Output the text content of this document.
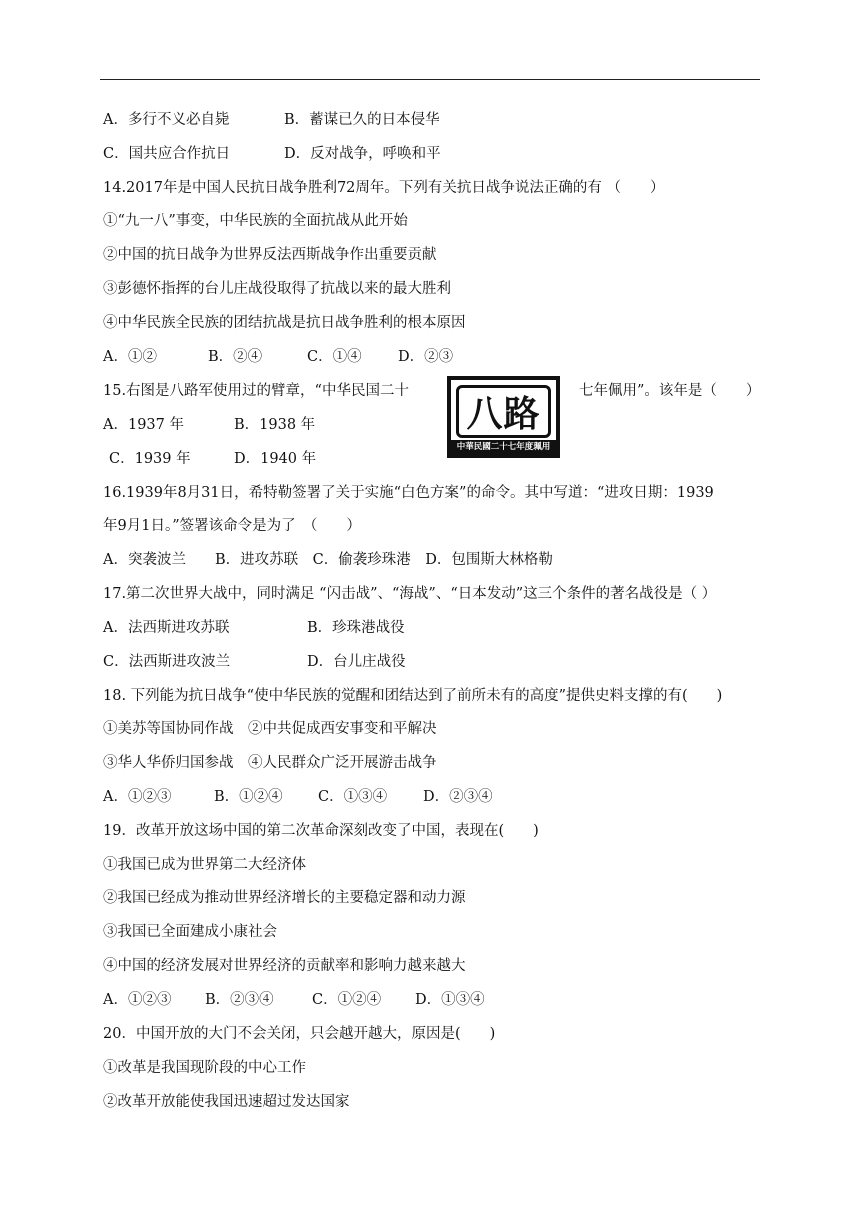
A．多行不义必自毙	B．蓄谋已久的日本侵华
C．国共应合作抗日	D．反对战争，呼唤和平
14.2017年是中国人民抗日战争胜利72周年。下列有关抗日战争说法正确的有 （　　）
①“九一八”事变，中华民族的全面抗战从此开始
②中国的抗日战争为世界反法西斯战争作出重要贡献
③彭德怀指挥的台儿庄战役取得了抗战以来的最大胜利
④中华民族全民族的团结抗战是抗日战争胜利的根本原因
A．①②	B．②④	C．①④	D．②③
15.右图是八路军使用过的臂章，“中华民国二十	七年佩用”。该年是（　　）
八路
中華民國二十七年度珮用
A．1937 年	B．1938 年
C．1939 年	D．1940 年
16.1939年8月31日，希特勒签署了关于实施“白色方案”的命令。其中写道：“进攻日期：1939
年9月1日。”签署该命令是为了　（　　）
A．突袭波兰　　B．进攻苏联　C．偷袭珍珠港　D．包围斯大林格勒
17.第二次世界大战中，同时满足 “闪击战”、“海战”、“日本发动”这三个条件的著名战役是（ ）
A．法西斯进攻苏联	B．珍珠港战役
C．法西斯进攻波兰	D．台儿庄战役
18. 下列能为抗日战争“使中华民族的觉醒和团结达到了前所未有的高度”提供史料支撑的有(　　)
①美苏等国协同作战　②中共促成西安事变和平解决
③华人华侨归国参战　④人民群众广泛开展游击战争
A．①②③	B．①②④ C．①③④ D．②③④
19．改革开放这场中国的第二次革命深刻改变了中国，表现在(　　)
①我国已成为世界第二大经济体
②我国已经成为推动世界经济增长的主要稳定器和动力源
③我国已全面建成小康社会
④中国的经济发展对世界经济的贡献率和影响力越来越大
A．①②③ B．②③④	C．①②④ D．①③④
20．中国开放的大门不会关闭，只会越开越大，原因是(　　)
①改革是我国现阶段的中心工作
②改革开放能使我国迅速超过发达国家
